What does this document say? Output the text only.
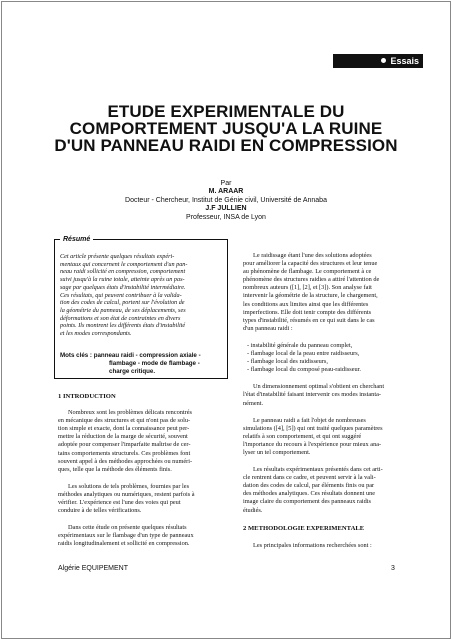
Essais
ETUDE EXPERIMENTALE DU
COMPORTEMENT JUSQU'A LA RUINE
D'UN PANNEAU RAIDI EN COMPRESSION
Par
M. ARAAR
Docteur - Chercheur, Institut de Génie civil, Université de Annaba
J.F JULLIEN
Professeur, INSA de Lyon
Résumé
Cet article présente quelques résultats expéri-
mentaux qui concernent le comportement d'un pan-
neau raidi sollicité en compression, comportement
suivi jusqu'à la ruine totale, atteinte après un pas-
sage par quelques états d'instabilité intermédiaire.
Ces résultats, qui peuvent contribuer à la valida-
tion des codes de calcul, portent sur l'évolution de
la géométrie du panneau, de ses déplacements, ses
déformations et son état de contraintes en divers
points. Ils montrent les différents états d'instabilité
et les modes correspondants.
Mots clés : panneau raidi - compression axiale -
flambage - mode de flambage -
charge critique.
1 INTRODUCTION
Nombreux sont les problèmes délicats rencontrés
en mécanique des structures et qui n'ont pas de solu-
tion simple et exacte, dont la connaissance peut per-
mettre la réduction de la marge de sécurité, souvent
adoptée pour compenser l'imparfaite maîtrise de cer-
tains comportements structurels. Ces problèmes font
souvent appel à des méthodes approchées ou numéri-
ques, telle que la méthode des éléments finis.
Les solutions de tels problèmes, fournies par les
méthodes analytiques ou numériques, restent parfois à
vérifier. L'expérience est l'une des voies qui peut
conduire à de telles vérifications.
Dans cette étude on présente quelques résultats
expérimentaux sur le flambage d'un type de panneaux
raidis longitudinalement et sollicité en compression.
Le raidissage étant l'une des solutions adoptées
pour améliorer la capacité des structures et leur tenue
au phénomène de flambage. Le comportement à ce
phénomène des structures raidies a attiré l'attention de
nombreux auteurs ([1], [2], et [3]). Son analyse fait
intervenir la géométrie de la structure, le chargement,
les conditions aux limites ainsi que les différentes
imperfections. Elle doit tenir compte des différents
types d'instabilité, résumés en ce qui suit dans le cas
d'un panneau raidi :
- instabilité générale du panneau complet,
- flambage local de la peau entre raidisseurs,
- flambage local des raidisseurs,
- flambage local du composé peau-raidisseur.
Un dimensionnement optimal s'obtient en cherchant
l'état d'instabilité faisant intervenir ces modes instanta-
nément.
Le panneau raidi a fait l'objet de nombreuses
simulations ([4], [5]) qui ont traité quelques paramètres
relatifs à son comportement, et qui ont suggéré
l'importance du recours à l'expérience pour mieux ana-
lyser un tel comportement.
Les résultats expérimentaux présentés dans cet arti-
cle rentrent dans ce cadre, et peuvent servir à la vali-
dation des codes de calcul, par éléments finis ou par
des méthodes analytiques. Ces résultats donnent une
image claire du comportement des panneaux raidis
étudiés.
2 METHODOLOGIE EXPERIMENTALE
Les principales informations recherchées sont :
Algérie EQUIPEMENT	3
